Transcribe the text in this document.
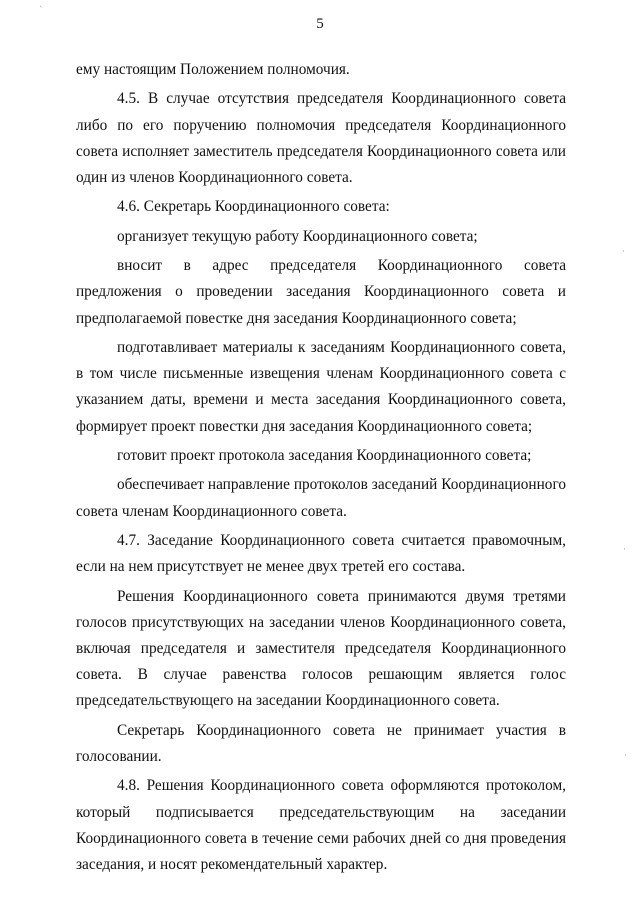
`
·
·
·
5

ему настоящим Положением полномочия.

4.5. В случае отсутствия председателя Координационного совета либо по его поручению полномочия председателя Координационного совета исполняет заместитель председателя Координационного совета или один из членов Координационного совета.

4.6. Секретарь Координационного совета:

организует текущую работу Координационного совета;

вносит в адрес председателя Координационного совета предложения о проведении заседания Координационного совета и предполагаемой повестке дня заседания Координационного совета;

подготавливает материалы к заседаниям Координационного совета, в том числе письменные извещения членам Координационного совета с указанием даты, времени и места заседания Координационного совета, формирует проект повестки дня заседания Координационного совета;

готовит проект протокола заседания Координационного совета;

обеспечивает направление протоколов заседаний Координационного совета членам Координационного совета.

4.7. Заседание Координационного совета считается правомочным, если на нем присутствует не менее двух третей его состава.

Решения Координационного совета принимаются двумя третями голосов присутствующих на заседании членов Координационного совета, включая председателя и заместителя председателя Координационного совета. В случае равенства голосов решающим является голос председательствующего на заседании Координационного совета.

Секретарь Координационного совета не принимает участия в голосовании.

4.8. Решения Координационного совета оформляются протоколом, который подписывается председательствующим на заседании Координационного совета в течение семи рабочих дней со дня проведения заседания, и носят рекомендательный характер.
